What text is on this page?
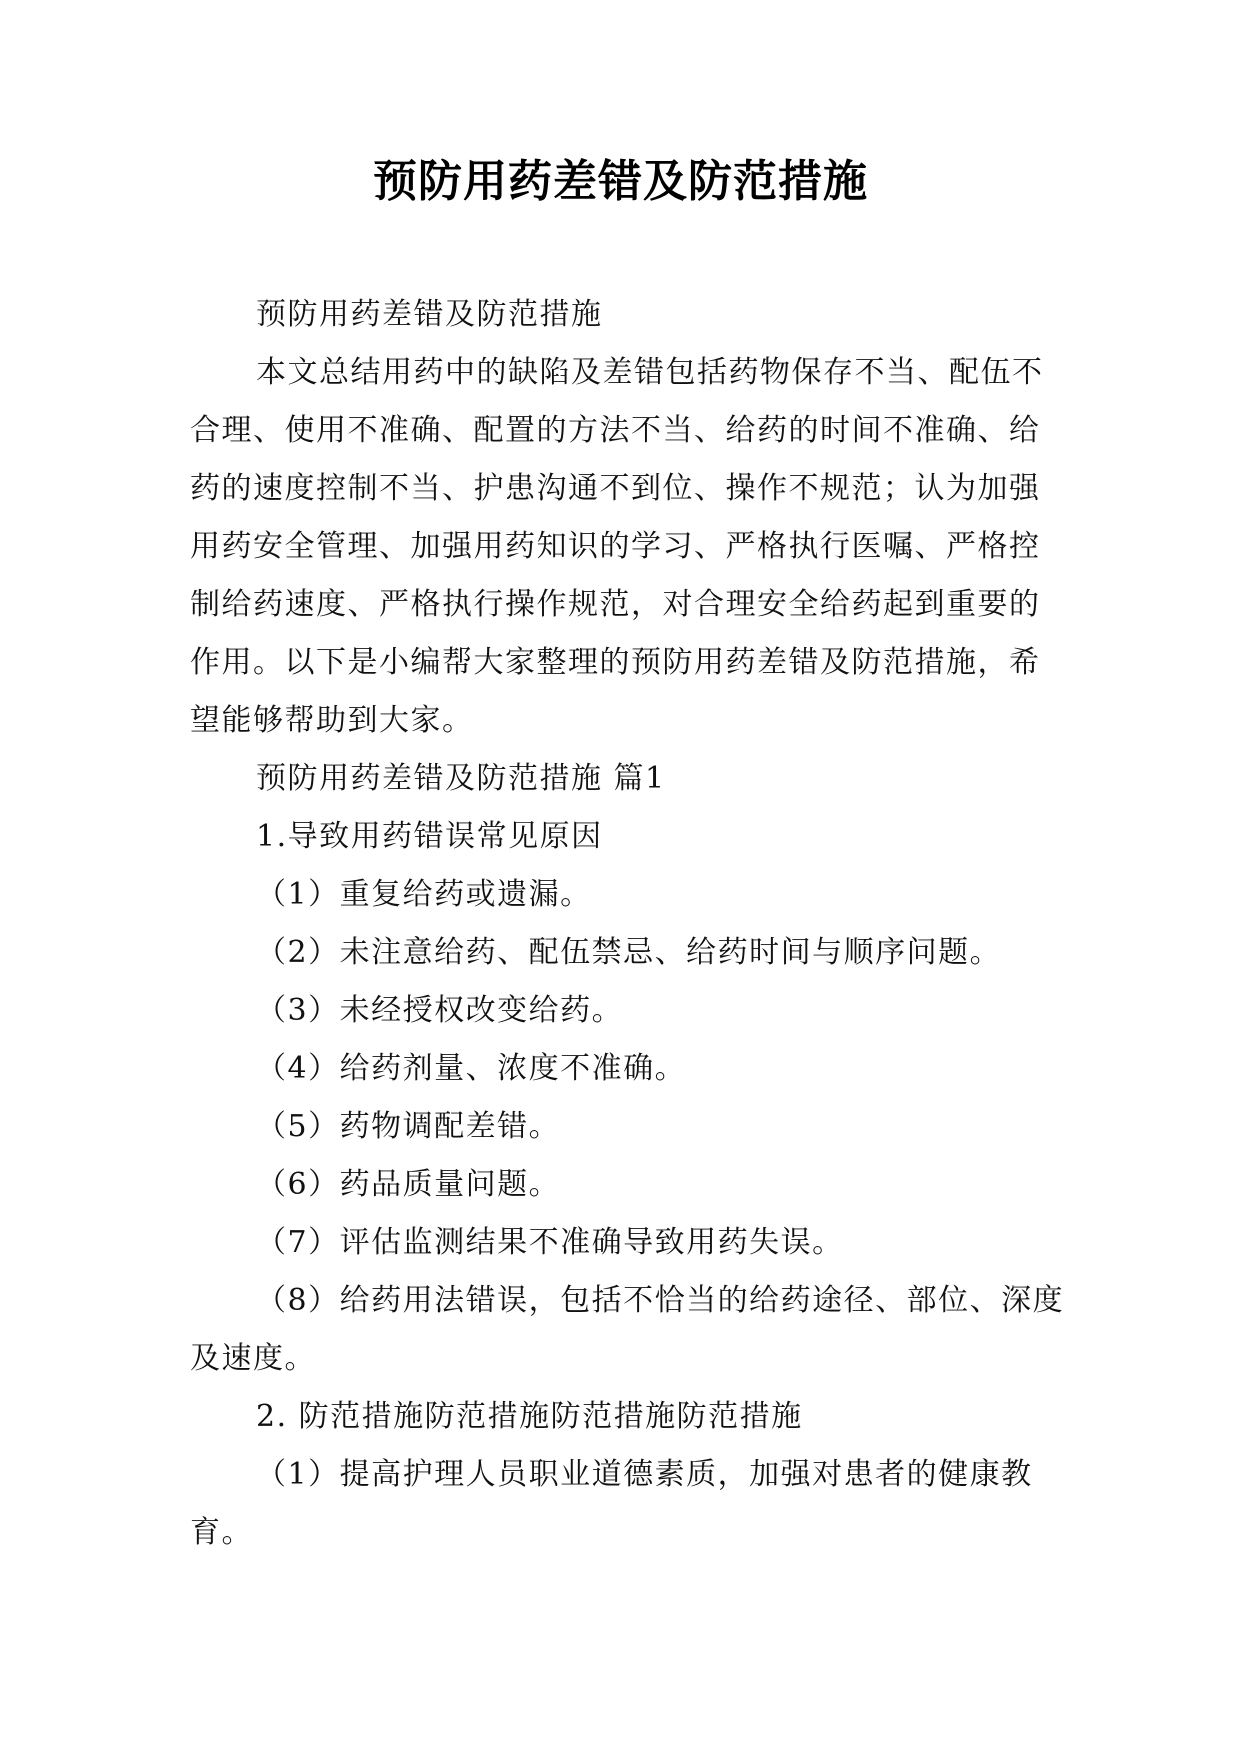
预防用药差错及防范措施

预防用药差错及防范措施

本文总结用药中的缺陷及差错包括药物保存不当、配伍不合理、使用不准确、配置的方法不当、给药的时间不准确、给药的速度控制不当、护患沟通不到位、操作不规范；认为加强用药安全管理、加强用药知识的学习、严格执行医嘱、严格控制给药速度、严格执行操作规范，对合理安全给药起到重要的作用。以下是小编帮大家整理的预防用药差错及防范措施，希望能够帮助到大家。

预防用药差错及防范措施 篇1

1.导致用药错误常见原因

（1）重复给药或遗漏。

（2）未注意给药、配伍禁忌、给药时间与顺序问题。

（3）未经授权改变给药。

（4）给药剂量、浓度不准确。

（5）药物调配差错。

（6）药品质量问题。

（7）评估监测结果不准确导致用药失误。

（8）给药用法错误，包括不恰当的给药途径、部位、深度及速度。

2. 防范措施防范措施防范措施防范措施

（1）提高护理人员职业道德素质，加强对患者的健康教育。
